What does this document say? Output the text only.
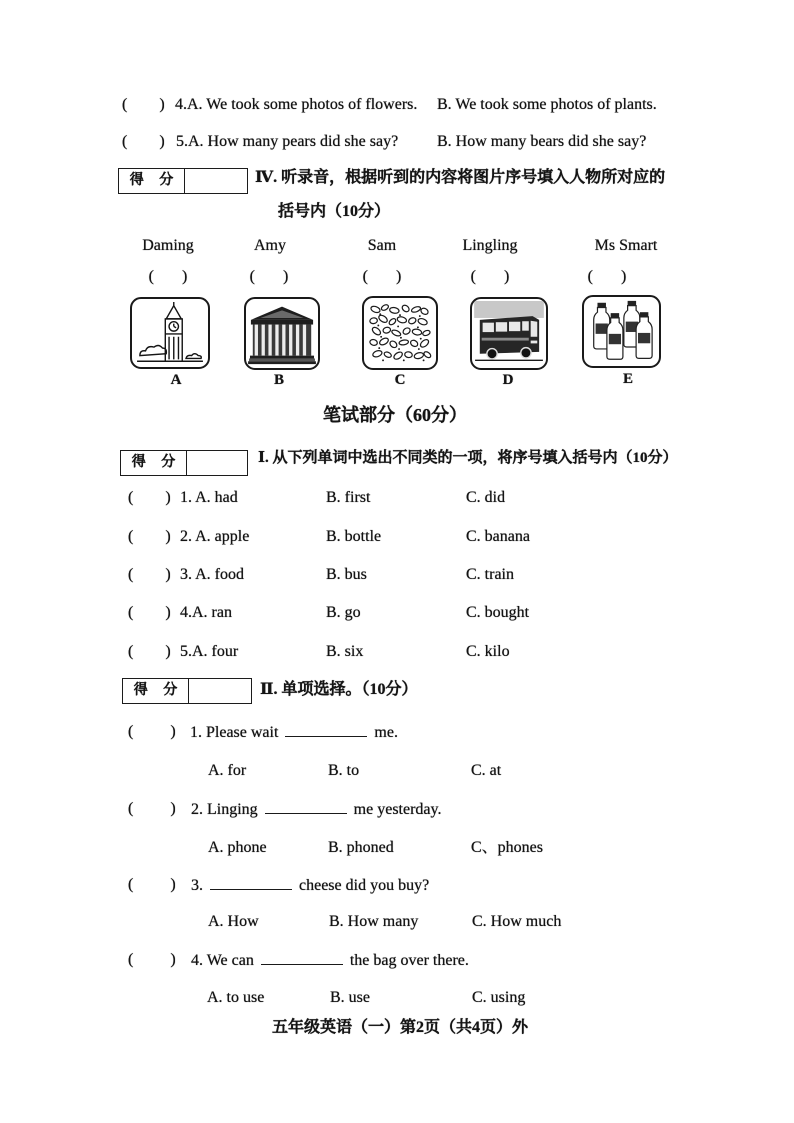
( ) 4.A. We took some photos of flowers. B. We took some photos of plants.
( ) 5.A. How many pears did she say? B. How many bears did she say?
得 分	Ⅳ. 听录音，根据听到的内容将图片序号填入人物所对应的
括号内（10分）
Daming	Amy	Sam	Lingling	Ms Smart
( )	( )	( )	( )	( )
A	B	C	D	E
笔试部分（60分）
得 分	Ⅰ. 从下列单词中选出不同类的一项，将序号填入括号内（10分）
( ) 1. A. had	B. first	C. did
( ) 2. A. apple	B. bottle	C. banana
( ) 3. A. food	B. bus	C. train
( ) 4.A. ran	B. go	C. bought
( ) 5.A. four	B. six	C. kilo
得 分	Ⅱ. 单项选择。（10分）
( ) 1. Please wait	me.
A. for	B. to	C. at
( ) 2. Linging	me yesterday.
A. phone	B. phoned	C、phones
( ) 3.	cheese did you buy?
A. How	B. How many	C. How much
( ) 4. We can	the bag over there.
A. to use	B. use	C. using
五年级英语（一）第2页（共4页）外
